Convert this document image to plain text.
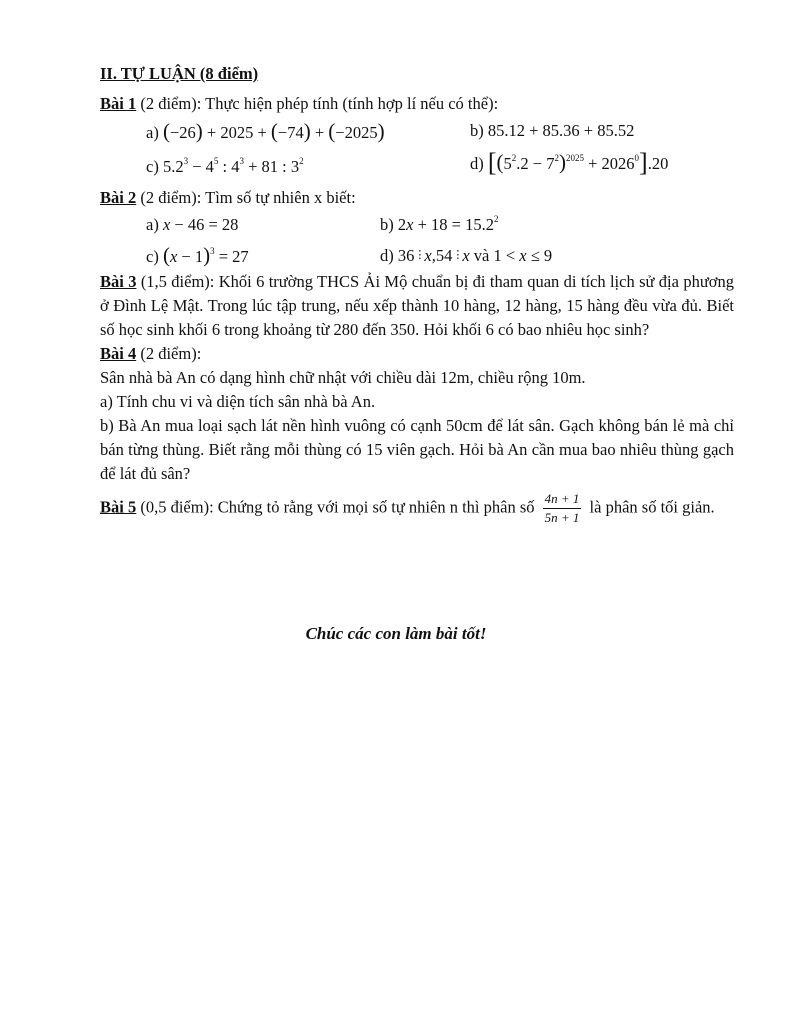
II. TỰ LUẬN (8 điểm)
Bài 1 (2 điểm): Thực hiện phép tính (tính hợp lí nếu có thể):
a) (−26) + 2025 + (−74) + (−2025)	b) 85.12 + 85.36 + 85.52
c) $5.2^3 - 4^5$ : $4^3 + 81$ : $3^2$	d) $[(5^2.2 - 7^2)^{2025} + 2026^0].20$
Bài 2 (2 điểm): Tìm số tự nhiên x biết:
a) x − 46 = 28	b) $2x + 18 = 15.2^2$
c) $(x - 1)^3 = 27$	d) 36⋮x,54⋮x và 1 < x ≤ 9
Bài 3 (1,5 điểm): Khối 6 trường THCS Ải Mộ chuẩn bị đi tham quan di tích lịch sử địa phương ở Đình Lệ Mật. Trong lúc tập trung, nếu xếp thành 10 hàng, 12 hàng, 15 hàng đều vừa đủ. Biết số học sinh khối 6 trong khoảng từ 280 đến 350. Hỏi khối 6 có bao nhiêu học sinh?
Bài 4 (2 điểm):
Sân nhà bà An có dạng hình chữ nhật với chiều dài 12m, chiều rộng 10m.
a) Tính chu vi và diện tích sân nhà bà An.
b) Bà An mua loại sạch lát nền hình vuông có cạnh 50cm để lát sân. Gạch không bán lẻ mà chỉ bán từng thùng. Biết rằng mỗi thùng có 15 viên gạch. Hỏi bà An cần mua bao nhiêu thùng gạch để lát đủ sân?
Bài 5 (0,5 điểm): Chứng tỏ rằng với mọi số tự nhiên n thì phân số $\frac{4n + 1}{5n + 1}$ là phân số tối giản.
Chúc các con làm bài tốt!
